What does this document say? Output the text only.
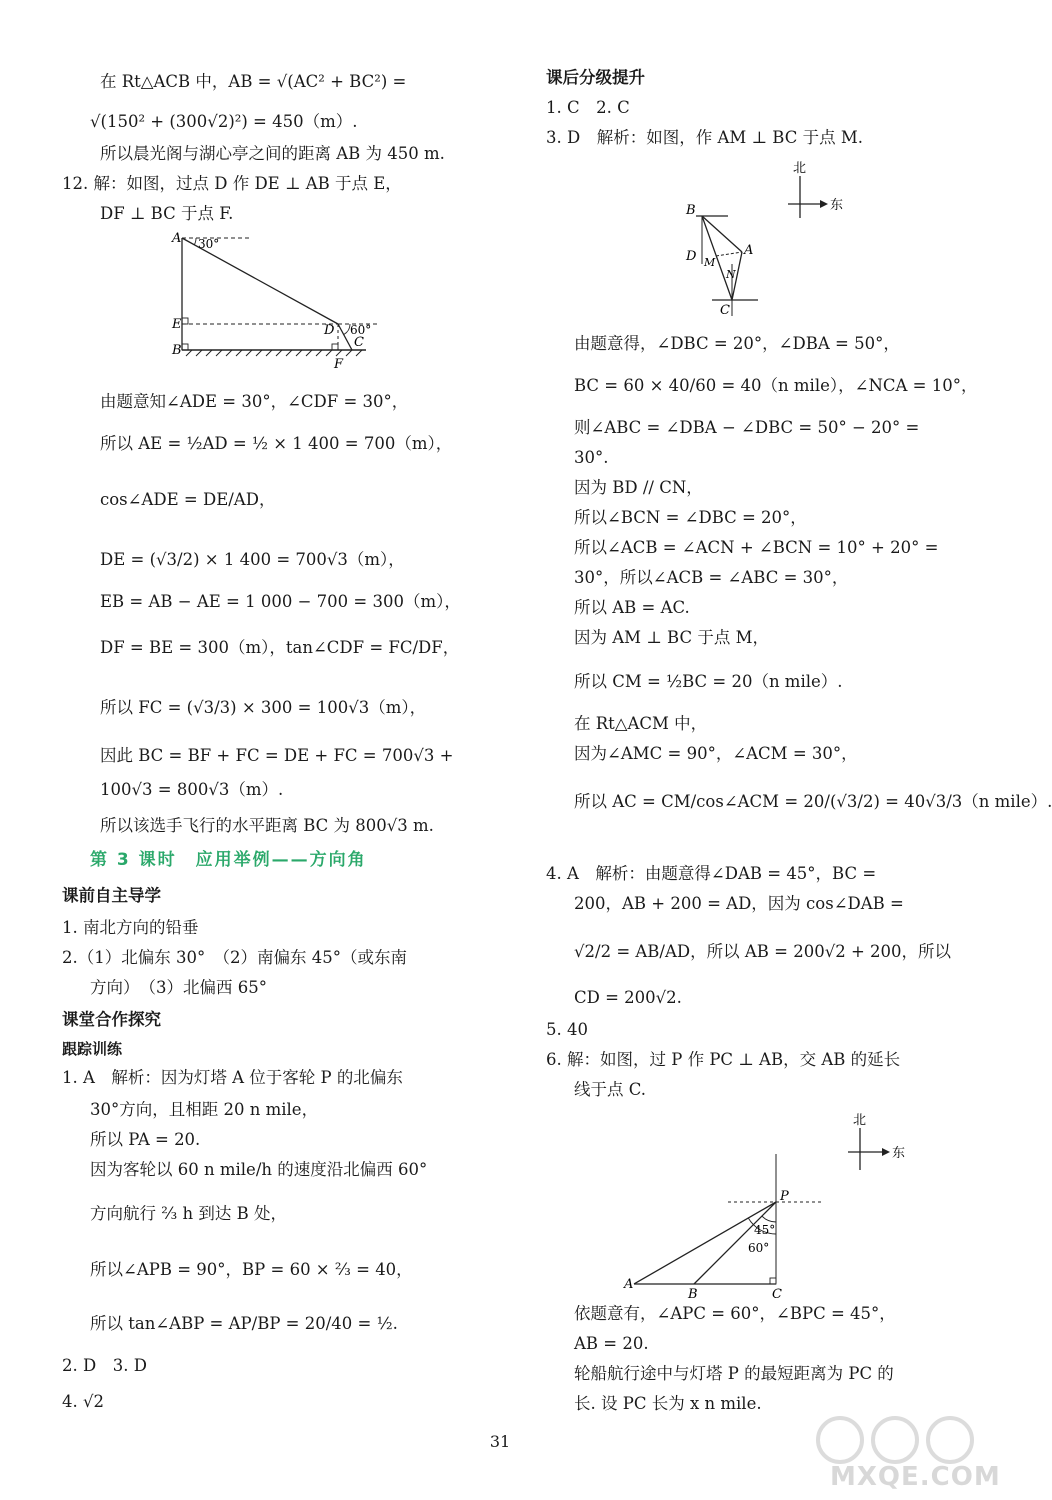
在 Rt△ACB 中，AB = √(AC² + BC²) =

√(150² + (300√2)²) = 450（m）.

所以晨光阁与湖心亭之间的距离 AB 为 450 m.

12. 解：如图，过点 D 作 DE ⊥ AB 于点 E，

DF ⊥ BC 于点 F.

A 30°
E
B
D 60°
C
F

由题意知∠ADE = 30°，∠CDF = 30°，

所以 AE = ½AD = ½ × 1 400 = 700（m），

cos∠ADE = DE/AD，

DE = (√3/2) × 1 400 = 700√3（m），

EB = AB − AE = 1 000 − 700 = 300（m），

DF = BE = 300（m），tan∠CDF = FC/DF，

所以 FC = (√3/3) × 300 = 100√3（m），

因此 BC = BF + FC = DE + FC = 700√3 +

100√3 = 800√3（m）.

所以该选手飞行的水平距离 BC 为 800√3 m.

第 3 课时　应用举例——方向角

课前自主导学

1. 南北方向的铅垂

2.（1）北偏东 30°　（2）南偏东 45°（或东南

方向）　（3）北偏西 65°

课堂合作探究

跟踪训练

1. A　解析：因为灯塔 A 位于客轮 P 的北偏东

30°方向，且相距 20 n mile，

所以 PA = 20.

因为客轮以 60 n mile/h 的速度沿北偏西 60°

方向航行 ⅔ h 到达 B 处，

所以∠APB = 90°，BP = 60 × ⅔ = 40，

所以 tan∠ABP = AP/BP = 20/40 = ½.

2. D　3. D

4. √2

课后分级提升

1. C　2. C

3. D　解析：如图，作 AM ⊥ BC 于点 M.

北
东
B
D M
N
A
C

由题意得，∠DBC = 20°，∠DBA = 50°，

BC = 60 × 40/60 = 40（n mile），∠NCA = 10°，

则∠ABC = ∠DBA − ∠DBC = 50° − 20° =

30°.

因为 BD // CN，

所以∠BCN = ∠DBC = 20°，

所以∠ACB = ∠ACN + ∠BCN = 10° + 20° =

30°，所以∠ACB = ∠ABC = 30°，

所以 AB = AC.

因为 AM ⊥ BC 于点 M，

所以 CM = ½BC = 20（n mile）.

在 Rt△ACM 中，

因为∠AMC = 90°，∠ACM = 30°，

所以 AC = CM/cos∠ACM = 20/(√3/2) = 40√3/3（n mile）.

4. A　解析：由题意得∠DAB = 45°，BC =

200，AB + 200 = AD，因为 cos∠DAB =

√2/2 = AB/AD，所以 AB = 200√2 + 200，所以

CD = 200√2.

5. 40

6. 解：如图，过 P 作 PC ⊥ AB，交 AB 的延长

线于点 C.

北
东
P
45°
60°
A
B	C

依题意有，∠APC = 60°，∠BPC = 45°，

AB = 20.

轮船航行途中与灯塔 P 的最短距离为 PC 的

长. 设 PC 长为 x n mile.

31
MXQE.COM
